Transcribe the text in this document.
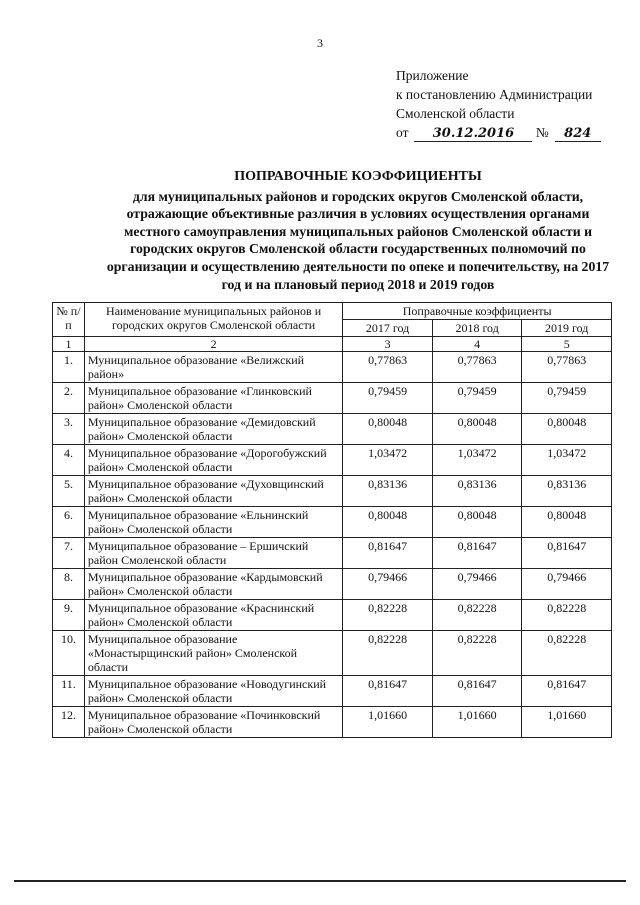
3
Приложение
к постановлению Администрации
Смоленской области
от 30.12.2016 № 824
ПОПРАВОЧНЫЕ КОЭФФИЦИЕНТЫ
для муниципальных районов и городских округов Смоленской области, отражающие объективные различия в условиях осуществления органами местного самоуправления муниципальных районов Смоленской области и городских округов Смоленской области государственных полномочий по организации и осуществлению деятельности по опеке и попечительству, на 2017 год и на плановый период 2018 и 2019 годов
№ п/п	Наименование муниципальных районов и городских округов Смоленской области	Поправочные коэффициенты		
		2017 год	2018 год	2019 год
1	2	3	4	5
1.	Муниципальное образование «Велижский район»	0,77863	0,77863	0,77863
2.	Муниципальное образование «Глинковский район» Смоленской области	0,79459	0,79459	0,79459
3.	Муниципальное образование «Демидовский район» Смоленской области	0,80048	0,80048	0,80048
4.	Муниципальное образование «Дорогобужский район» Смоленской области	1,03472	1,03472	1,03472
5.	Муниципальное образование «Духовщинский район» Смоленской области	0,83136	0,83136	0,83136
6.	Муниципальное образование «Ельнинский район» Смоленской области	0,80048	0,80048	0,80048
7.	Муниципальное образование – Ершичский район Смоленской области	0,81647	0,81647	0,81647
8.	Муниципальное образование «Кардымовский район» Смоленской области	0,79466	0,79466	0,79466
9.	Муниципальное образование «Краснинский район» Смоленской области	0,82228	0,82228	0,82228
10.	Муниципальное образование «Монастырщинский район» Смоленской области	0,82228	0,82228	0,82228
11.	Муниципальное образование «Новодугинский район» Смоленской области	0,81647	0,81647	0,81647
12.	Муниципальное образование «Починковский район» Смоленской области	1,01660	1,01660	1,01660
